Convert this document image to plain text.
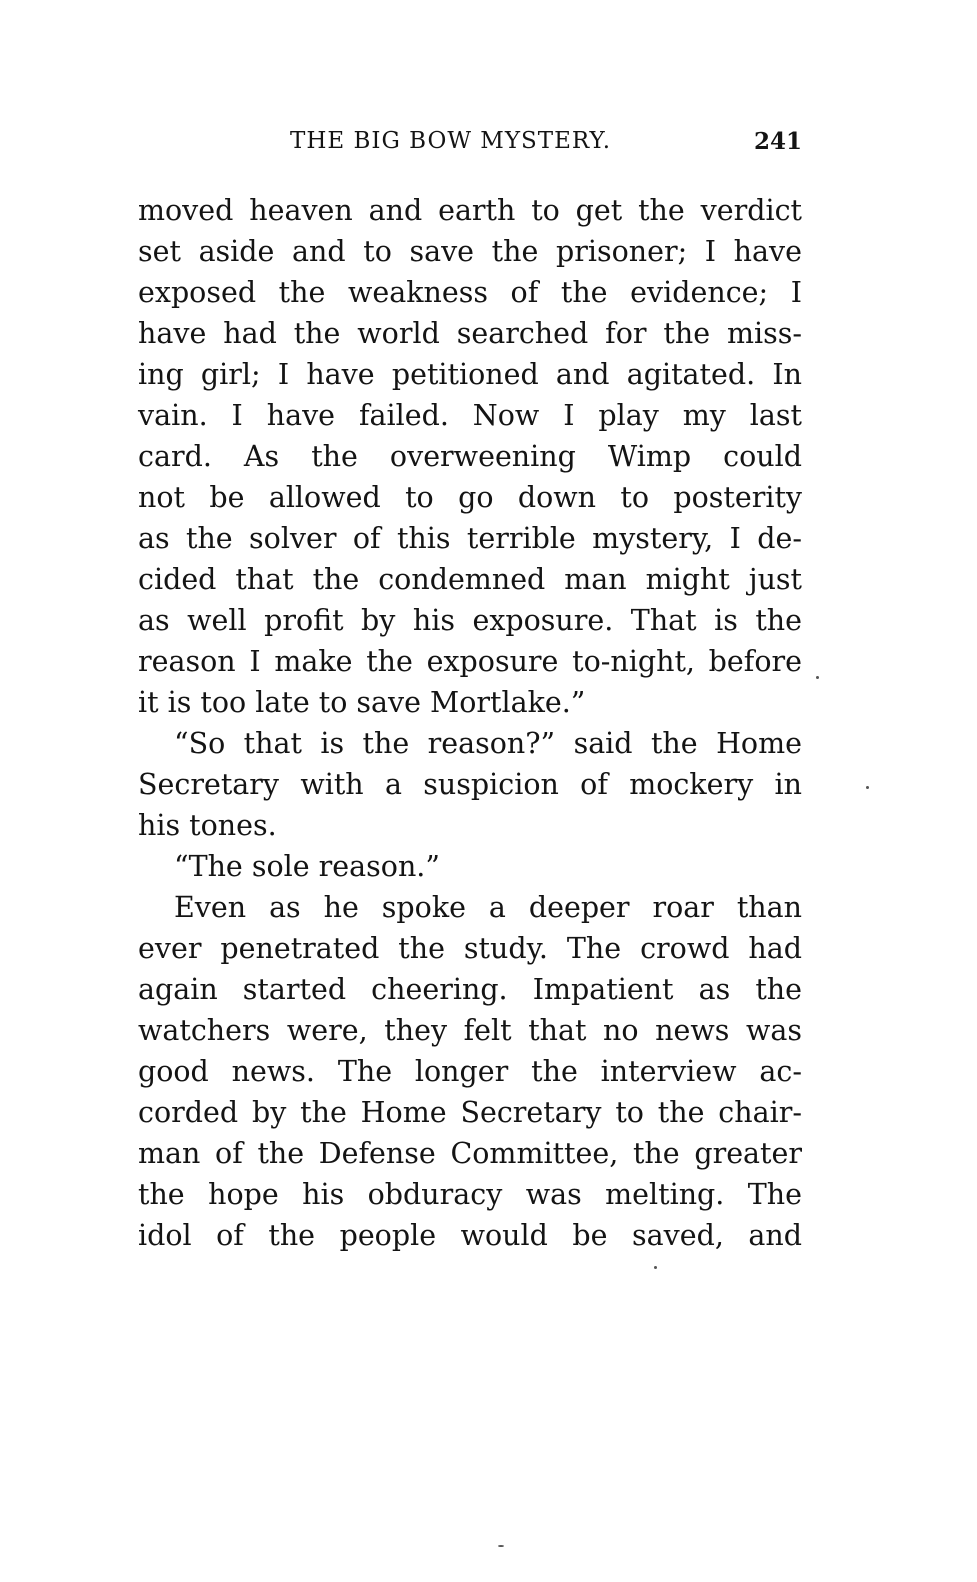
THE BIG BOW MYSTERY.	241
moved heaven and earth to get the verdict
set aside and to save the prisoner; I have
exposed the weakness of the evidence; I
have had the world searched for the miss-
ing girl; I have petitioned and agitated. In
vain. I have failed. Now I play my last
card. As the overweening Wimp could
not be allowed to go down to posterity
as the solver of this terrible mystery, I de-
cided that the condemned man might just
as well profit by his exposure. That is the
reason I make the exposure to-night, before
it is too late to save Mortlake.”
“So that is the reason?” said the Home
Secretary with a suspicion of mockery in
his tones.
“The sole reason.”
Even as he spoke a deeper roar than
ever penetrated the study. The crowd had
again started cheering. Impatient as the
watchers were, they felt that no news was
good news. The longer the interview ac-
corded by the Home Secretary to the chair-
man of the Defense Committee, the greater
the hope his obduracy was melting. The
idol of the people would be saved, and
